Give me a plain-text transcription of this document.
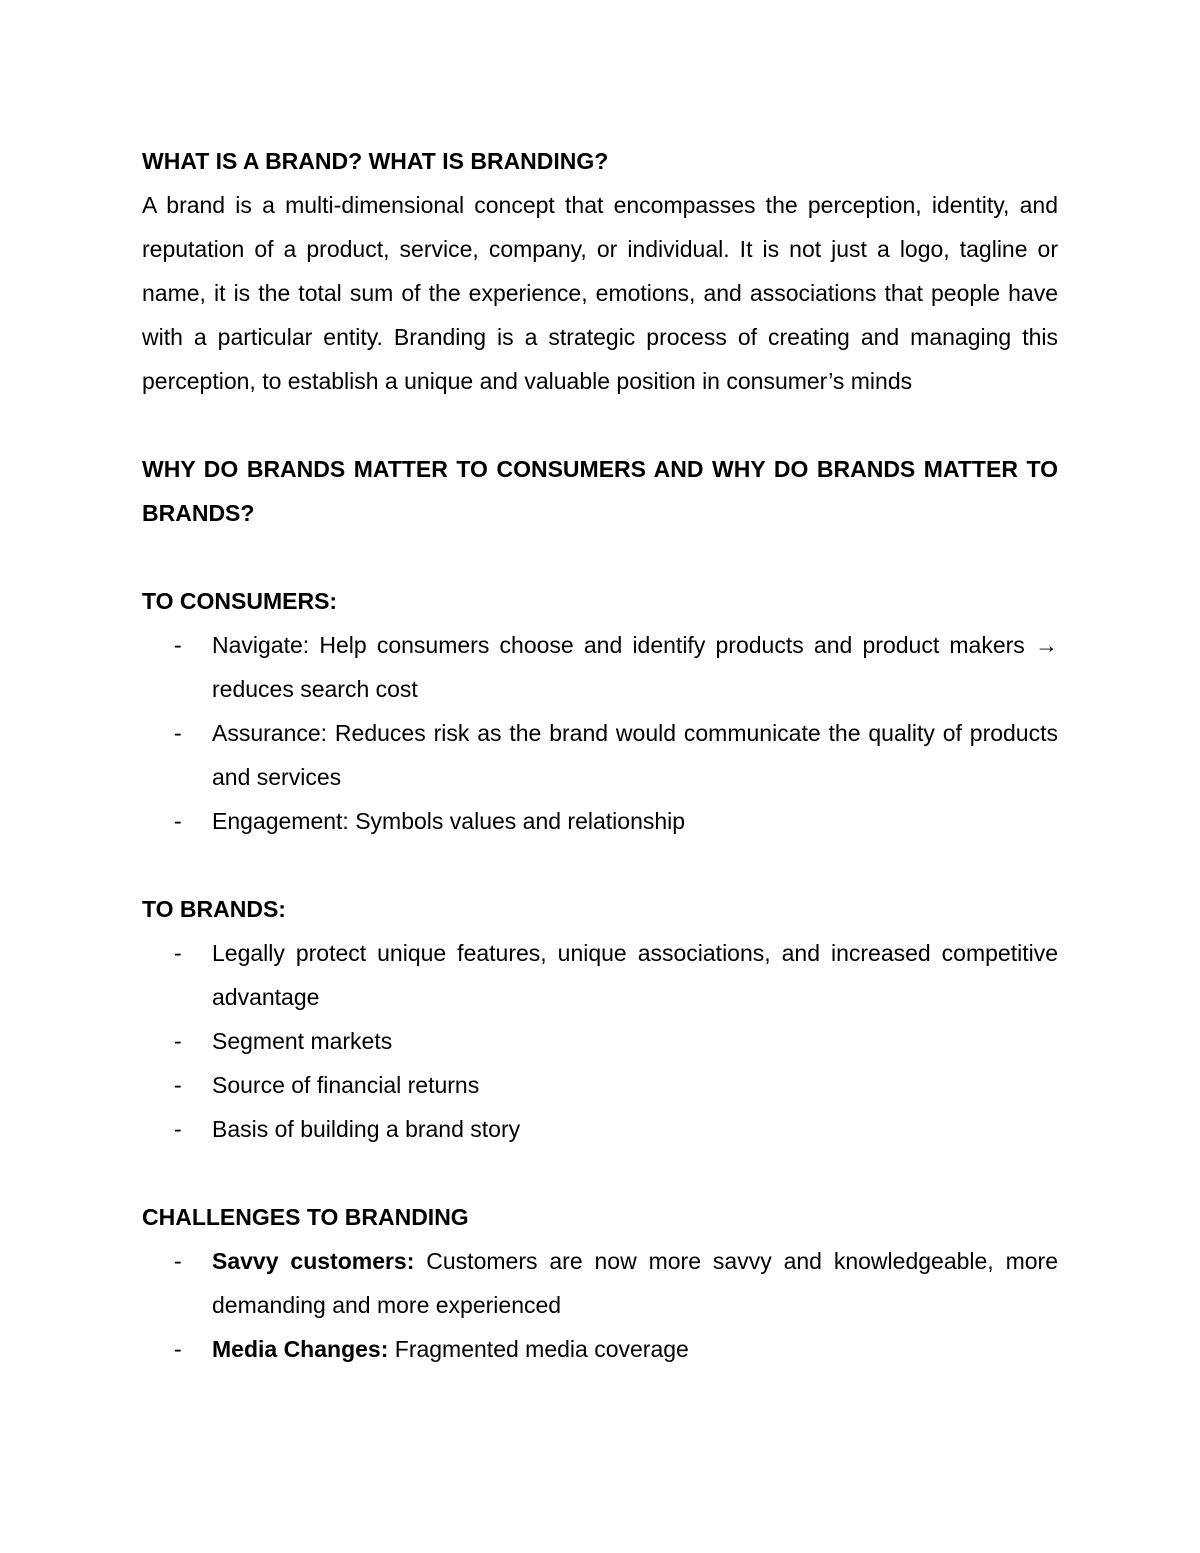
WHAT IS A BRAND? WHAT IS BRANDING?

A brand is a multi-dimensional concept that encompasses the perception, identity, and reputation of a product, service, company, or individual. It is not just a logo, tagline or name, it is the total sum of the experience, emotions, and associations that people have with a particular entity. Branding is a strategic process of creating and managing this perception, to establish a unique and valuable position in consumer’s minds

WHY DO BRANDS MATTER TO CONSUMERS AND WHY DO BRANDS MATTER TO BRANDS?

TO CONSUMERS:

- Navigate: Help consumers choose and identify products and product makers → reduces search cost
- Assurance: Reduces risk as the brand would communicate the quality of products and services
- Engagement: Symbols values and relationship

TO BRANDS:

- Legally protect unique features, unique associations, and increased competitive advantage
- Segment markets
- Source of financial returns
- Basis of building a brand story

CHALLENGES TO BRANDING

- Savvy customers: Customers are now more savvy and knowledgeable, more demanding and more experienced
- Media Changes: Fragmented media coverage
